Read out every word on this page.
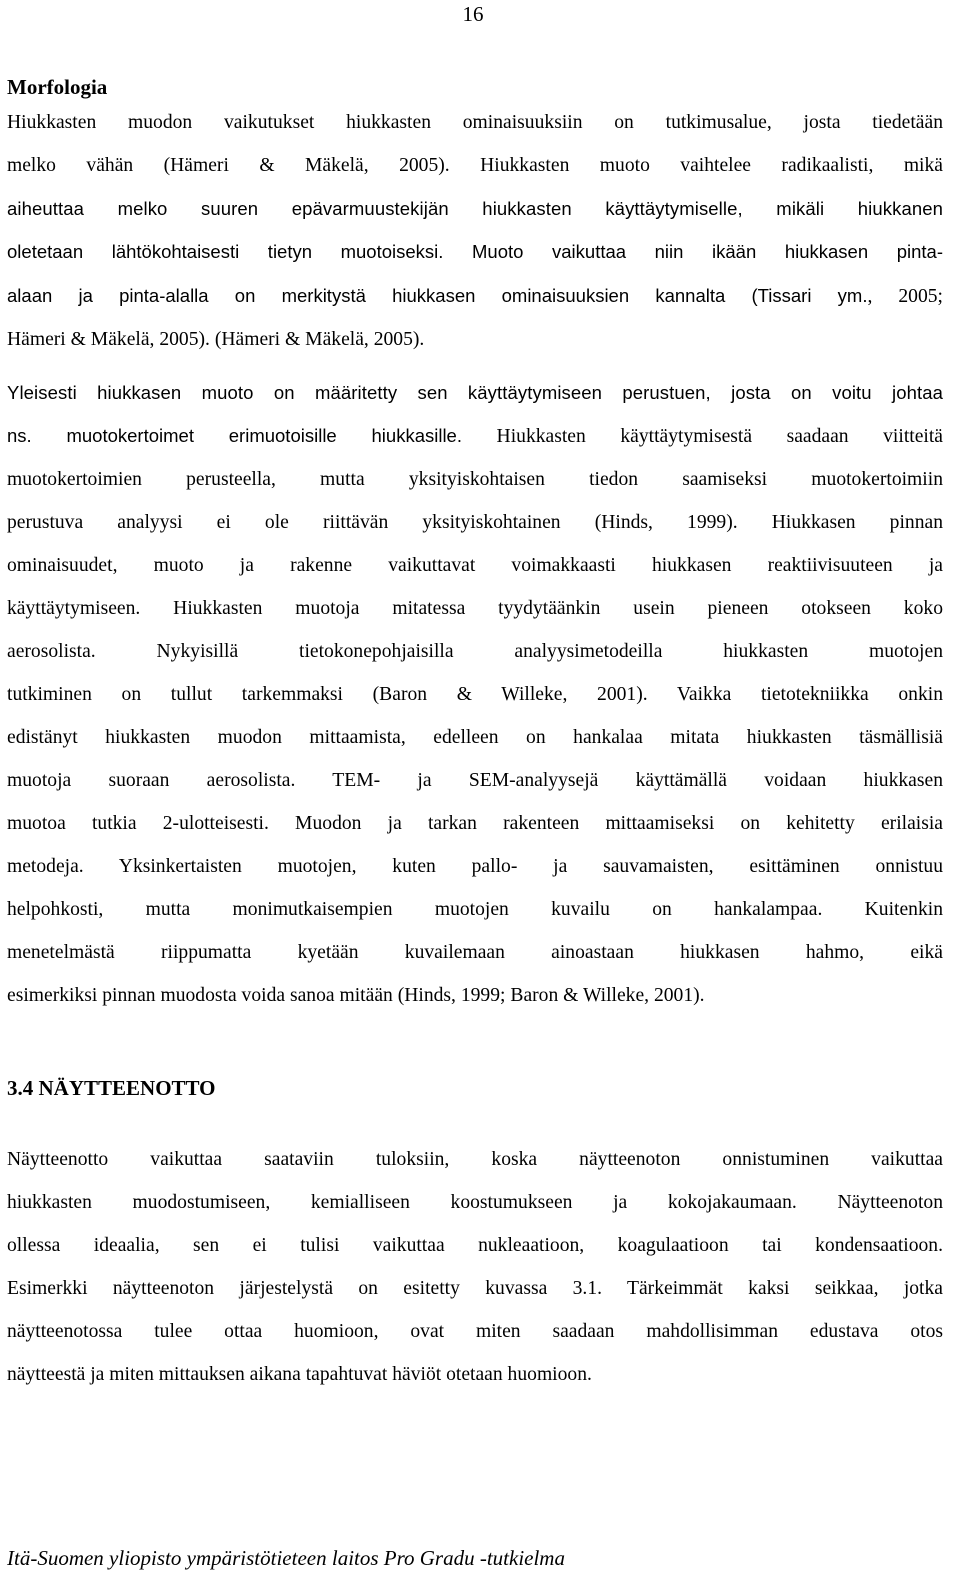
16
Morfologia
Hiukkasten muodon vaikutukset hiukkasten ominaisuuksiin on tutkimusalue, josta tiedetään
melko vähän (Hämeri & Mäkelä, 2005). Hiukkasten muoto vaihtelee radikaalisti, mikä
aiheuttaa melko suuren epävarmuustekijän hiukkasten käyttäytymiselle, mikäli hiukkanen
oletetaan lähtökohtaisesti tietyn muotoiseksi. Muoto vaikuttaa niin ikään hiukkasen pinta-
alaan ja pinta-alalla on merkitystä hiukkasen ominaisuuksien kannalta (Tissari ym., 2005;
Hämeri & Mäkelä, 2005). (Hämeri & Mäkelä, 2005).
Yleisesti hiukkasen muoto on määritetty sen käyttäytymiseen perustuen, josta on voitu johtaa
ns. muotokertoimet erimuotoisille hiukkasille. Hiukkasten käyttäytymisestä saadaan viitteitä
muotokertoimien perusteella, mutta yksityiskohtaisen tiedon saamiseksi muotokertoimiin
perustuva analyysi ei ole riittävän yksityiskohtainen (Hinds, 1999). Hiukkasen pinnan
ominaisuudet, muoto ja rakenne vaikuttavat voimakkaasti hiukkasen reaktiivisuuteen ja
käyttäytymiseen. Hiukkasten muotoja mitatessa tyydytäänkin usein pieneen otokseen koko
aerosolista. Nykyisillä tietokonepohjaisilla analyysimetodeilla hiukkasten muotojen
tutkiminen on tullut tarkemmaksi (Baron & Willeke, 2001). Vaikka tietotekniikka onkin
edistänyt hiukkasten muodon mittaamista, edelleen on hankalaa mitata hiukkasten täsmällisiä
muotoja suoraan aerosolista. TEM- ja SEM-analyysejä käyttämällä voidaan hiukkasen
muotoa tutkia 2-ulotteisesti. Muodon ja tarkan rakenteen mittaamiseksi on kehitetty erilaisia
metodeja. Yksinkertaisten muotojen, kuten pallo- ja sauvamaisten, esittäminen onnistuu
helpohkosti, mutta monimutkaisempien muotojen kuvailu on hankalampaa. Kuitenkin
menetelmästä riippumatta kyetään kuvailemaan ainoastaan hiukkasen hahmo, eikä
esimerkiksi pinnan muodosta voida sanoa mitään (Hinds, 1999; Baron & Willeke, 2001).
3.4 NÄYTTEENOTTO
Näytteenotto vaikuttaa saataviin tuloksiin, koska näytteenoton onnistuminen vaikuttaa
hiukkasten muodostumiseen, kemialliseen koostumukseen ja kokojakaumaan. Näytteenoton
ollessa ideaalia, sen ei tulisi vaikuttaa nukleaatioon, koagulaatioon tai kondensaatioon.
Esimerkki näytteenoton järjestelystä on esitetty kuvassa 3.1. Tärkeimmät kaksi seikkaa, jotka
näytteenotossa tulee ottaa huomioon, ovat miten saadaan mahdollisimman edustava otos
näytteestä ja miten mittauksen aikana tapahtuvat häviöt otetaan huomioon.
Itä-Suomen yliopisto ympäristötieteen laitos Pro Gradu -tutkielma
